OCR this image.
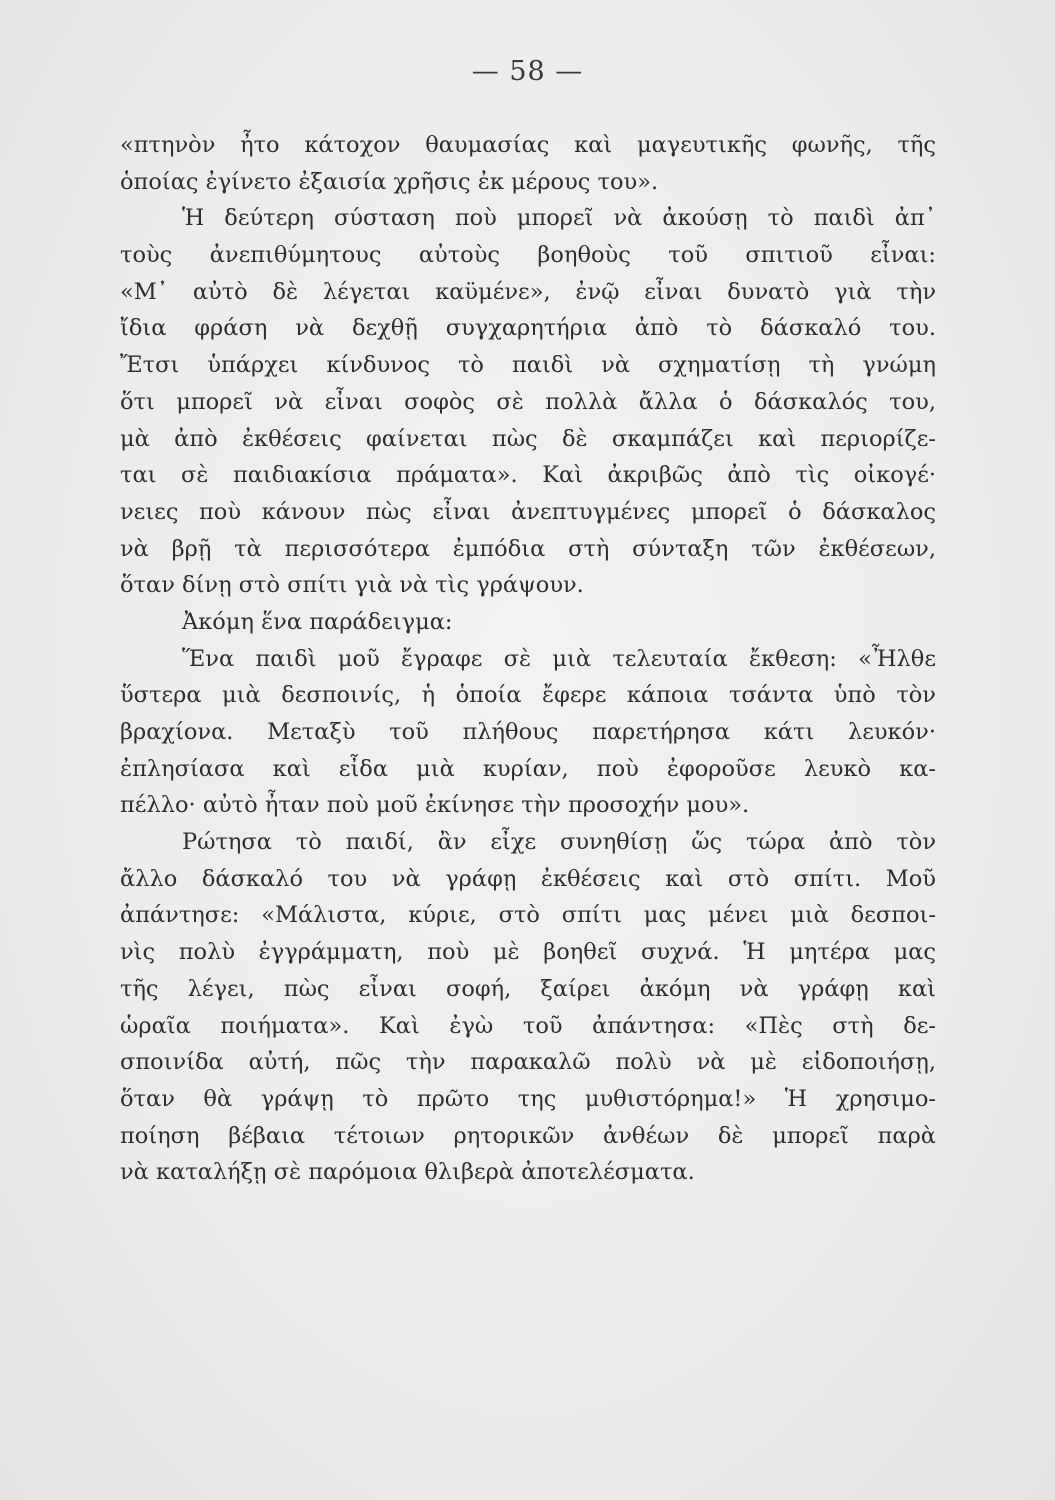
— 58 —
«πτηνὸν ἦτο κάτοχον θαυμασίας καὶ μαγευτικῆς φωνῆς, τῆς
ὁποίας ἐγίνετο ἐξαισία χρῆσις ἐκ μέρους του».
Ἡ δεύτερη σύσταση ποὺ μπορεῖ νὰ ἀκούσῃ τὸ παιδὶ ἀπ᾿
τοὺς ἀνεπιθύμητους αὐτοὺς βοηθοὺς τοῦ σπιτιοῦ εἶναι:
«Μ᾿ αὐτὸ δὲ λέγεται καϋμένε», ἐνῷ εἶναι δυνατὸ γιὰ τὴν
ἴδια φράση νὰ δεχθῇ συγχαρητήρια ἀπὸ τὸ δάσκαλό του.
Ἔτσι ὑπάρχει κίνδυνος τὸ παιδὶ νὰ σχηματίσῃ τὴ γνώμη
ὅτι μπορεῖ νὰ εἶναι σοφὸς σὲ πολλὰ ἄλλα ὁ δάσκαλός του,
μὰ ἀπὸ ἐκθέσεις φαίνεται πὼς δὲ σκαμπάζει καὶ περιορίζε-
ται σὲ παιδιακίσια πράματα». Καὶ ἀκριβῶς ἀπὸ τὶς οἰκογέ·
νειες ποὺ κάνουν πὼς εἶναι ἀνεπτυγμένες μπορεῖ ὁ δάσκαλος
νὰ βρῇ τὰ περισσότερα ἐμπόδια στὴ σύνταξη τῶν ἐκθέσεων,
ὅταν δίνῃ στὸ σπίτι γιὰ νὰ τὶς γράψουν.
Ἀκόμη ἕνα παράδειγμα:
Ἕνα παιδὶ μοῦ ἔγραφε σὲ μιὰ τελευταία ἔκθεση: «Ἦλθε
ὕστερα μιὰ δεσποινίς, ἡ ὁποία ἔφερε κάποια τσάντα ὑπὸ τὸν
βραχίονα. Μεταξὺ τοῦ πλήθους παρετήρησα κάτι λευκόν·
ἐπλησίασα καὶ εἶδα μιὰ κυρίαν, ποὺ ἐφοροῦσε λευκὸ κα-
πέλλο· αὐτὸ ἦταν ποὺ μοῦ ἐκίνησε τὴν προσοχήν μου».
Ρώτησα τὸ παιδί, ἂν εἶχε συνηθίσῃ ὥς τώρα ἀπὸ τὸν
ἄλλο δάσκαλό του νὰ γράφῃ ἐκθέσεις καὶ στὸ σπίτι. Μοῦ
ἀπάντησε: «Μάλιστα, κύριε, στὸ σπίτι μας μένει μιὰ δεσποι-
νὶς πολὺ ἐγγράμματη, ποὺ μὲ βοηθεῖ συχνά. Ἡ μητέρα μας
τῆς λέγει, πὼς εἶναι σοφή, ξαίρει ἀκόμη νὰ γράφῃ καὶ
ὡραῖα ποιήματα». Καὶ ἐγὼ τοῦ ἀπάντησα: «Πὲς στὴ δε-
σποινίδα αὐτή, πῶς τὴν παρακαλῶ πολὺ νὰ μὲ εἰδοποιήσῃ,
ὅταν θὰ γράψῃ τὸ πρῶτο της μυθιστόρημα!» Ἡ χρησιμο-
ποίηση βέβαια τέτοιων ρητορικῶν ἀνθέων δὲ μπορεῖ παρὰ
νὰ καταλήξῃ σὲ παρόμοια θλιβερὰ ἀποτελέσματα.
